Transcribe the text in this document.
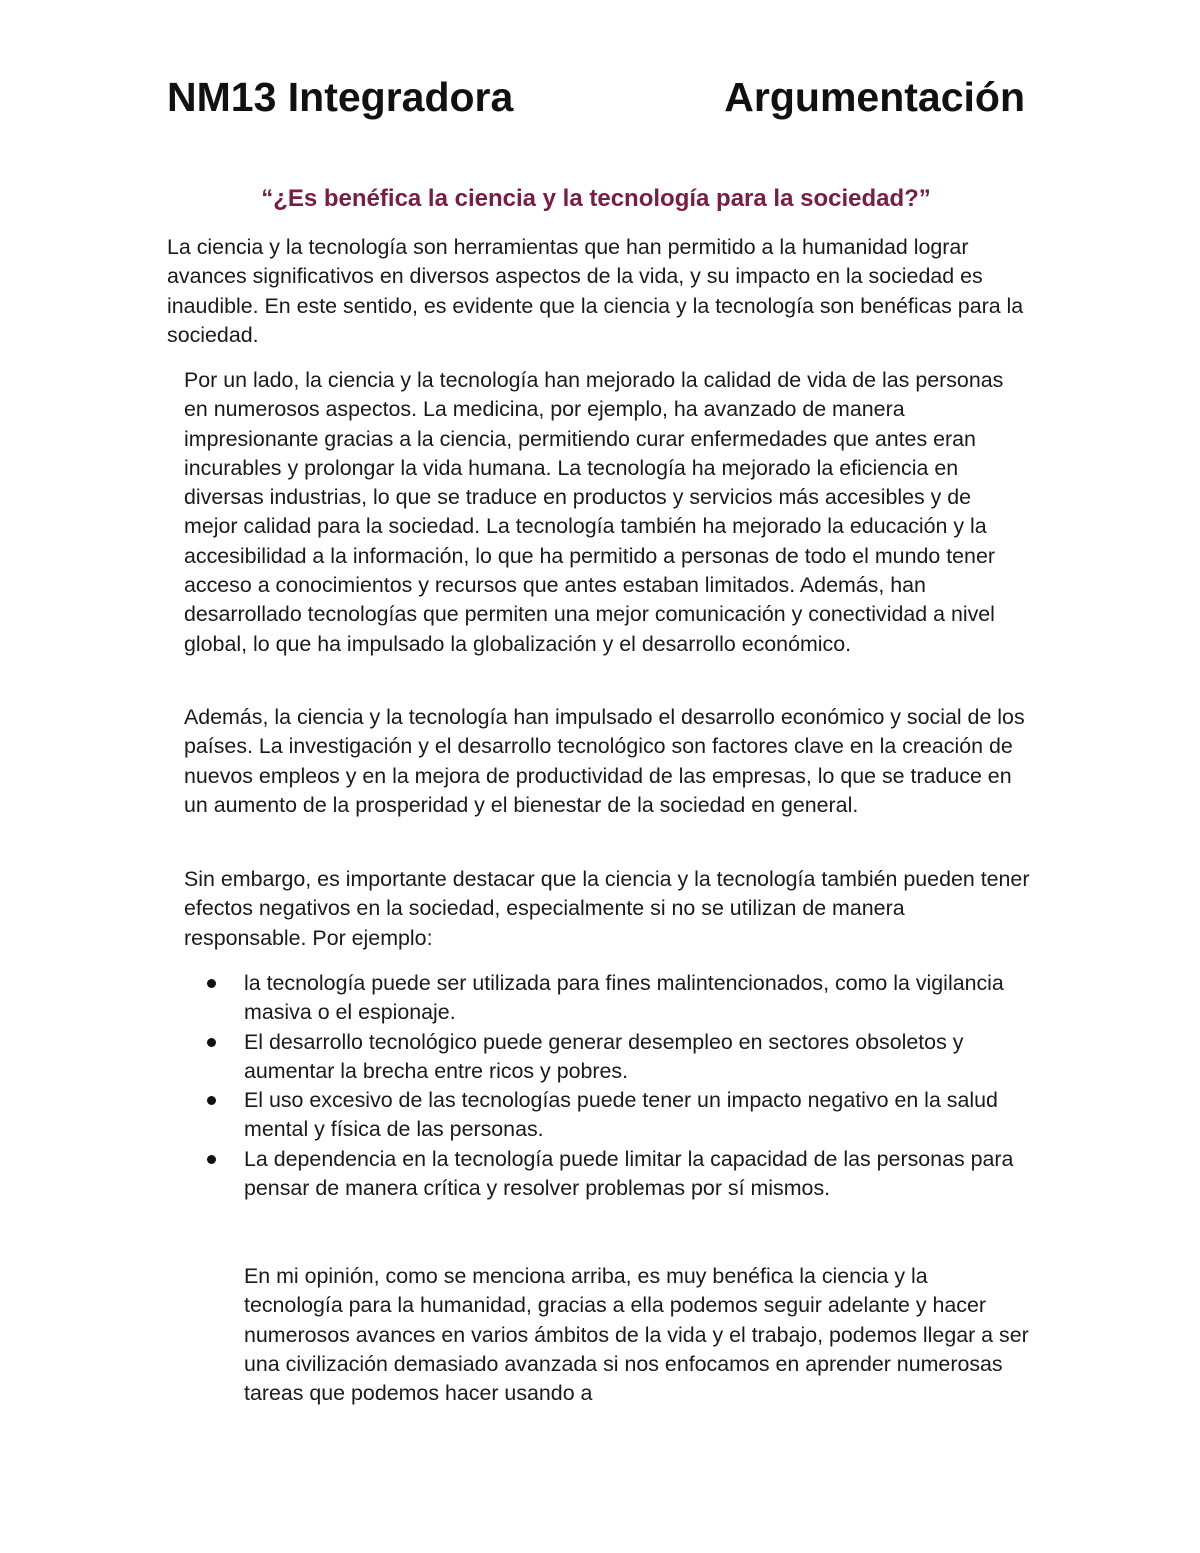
NM13 Integradora	Argumentación
“¿Es benéfica la ciencia y la tecnología para la sociedad?”

La ciencia y la tecnología son herramientas que han permitido a la humanidad lograr avances significativos en diversos aspectos de la vida, y su impacto en la sociedad es inaudible. En este sentido, es evidente que la ciencia y la tecnología son benéficas para la sociedad.

Por un lado, la ciencia y la tecnología han mejorado la calidad de vida de las personas en numerosos aspectos. La medicina, por ejemplo, ha avanzado de manera impresionante gracias a la ciencia, permitiendo curar enfermedades que antes eran incurables y prolongar la vida humana. La tecnología ha mejorado la eficiencia en diversas industrias, lo que se traduce en productos y servicios más accesibles y de mejor calidad para la sociedad. La tecnología también ha mejorado la educación y la accesibilidad a la información, lo que ha permitido a personas de todo el mundo tener acceso a conocimientos y recursos que antes estaban limitados. Además, han desarrollado tecnologías que permiten una mejor comunicación y conectividad a nivel global, lo que ha impulsado la globalización y el desarrollo económico.

Además, la ciencia y la tecnología han impulsado el desarrollo económico y social de los países. La investigación y el desarrollo tecnológico son factores clave en la creación de nuevos empleos y en la mejora de productividad de las empresas, lo que se traduce en un aumento de la prosperidad y el bienestar de la sociedad en general.

Sin embargo, es importante destacar que la ciencia y la tecnología también pueden tener efectos negativos en la sociedad, especialmente si no se utilizan de manera responsable. Por ejemplo:

la tecnología puede ser utilizada para fines malintencionados, como la vigilancia masiva o el espionaje.
El desarrollo tecnológico puede generar desempleo en sectores obsoletos y aumentar la brecha entre ricos y pobres.
El uso excesivo de las tecnologías puede tener un impacto negativo en la salud mental y física de las personas.
La dependencia en la tecnología puede limitar la capacidad de las personas para pensar de manera crítica y resolver problemas por sí mismos.

En mi opinión, como se menciona arriba, es muy benéfica la ciencia y la tecnología para la humanidad, gracias a ella podemos seguir adelante y hacer numerosos avances en varios ámbitos de la vida y el trabajo, podemos llegar a ser una civilización demasiado avanzada si nos enfocamos en aprender numerosas tareas que podemos hacer usando a
